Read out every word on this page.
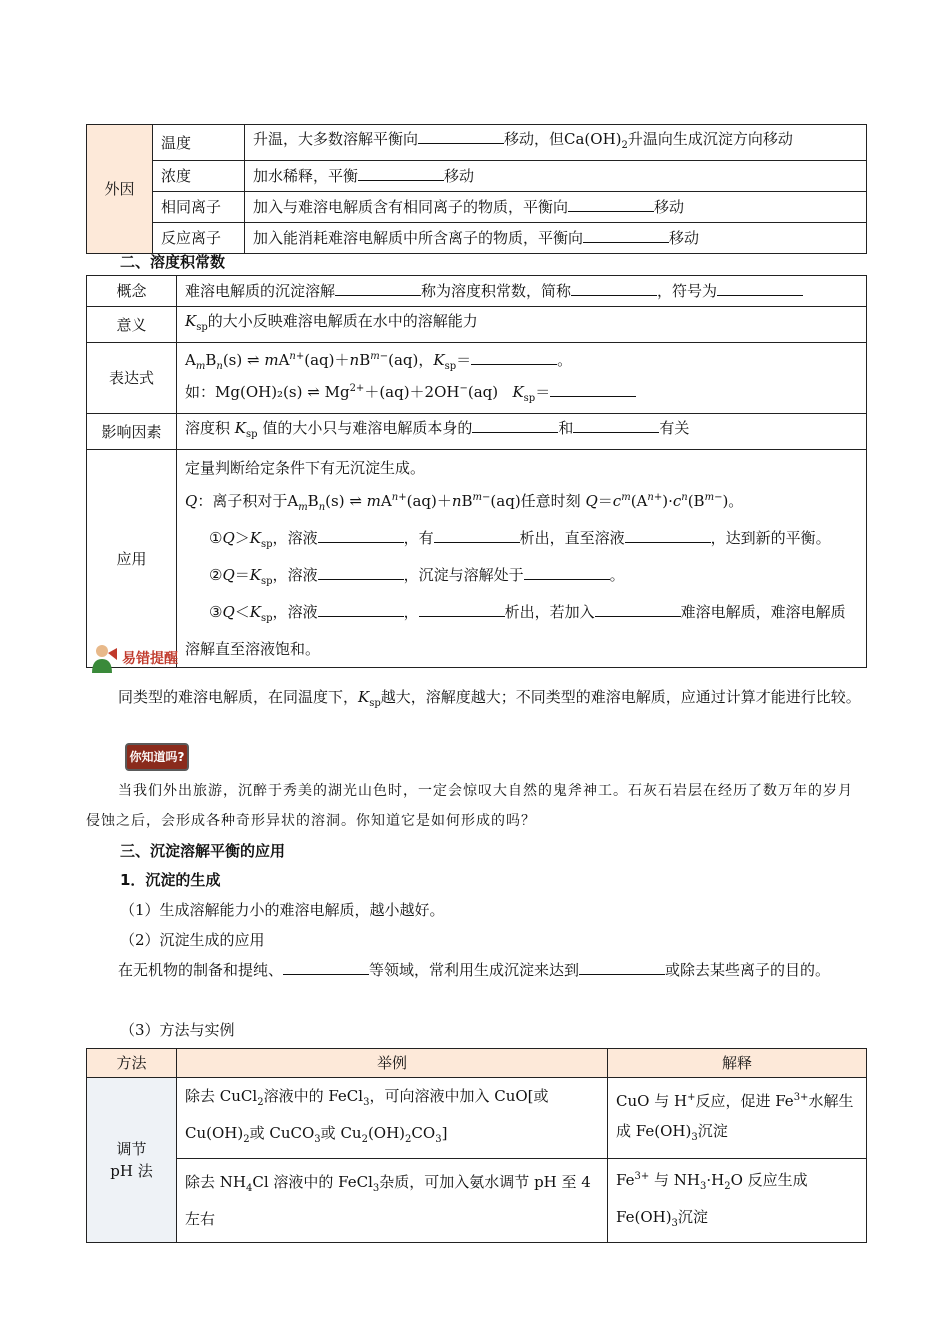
外因	温度	升温，大多数溶解平衡向 移动，但$Ca(OH)_2$升温向生成沉淀方向移动
	浓度	加水稀释，平衡 移动
	相同离子	加入与难溶电解质含有相同离子的物质，平衡向 移动
	反应离子	加入能消耗难溶电解质中所含离子的物质，平衡向 移动
二、溶度积常数
概念	难溶电解质的沉淀溶解 称为溶度积常数，简称 ，符号为
意义	$K_{sp}$的大小反映难溶电解质在水中的溶解能力
表达式	$A_mB_n(s)$ ⇌ $mA^{n+}(aq)+nB^{m-}(aq)$，$K_{sp}=$ 。
如：Mg(OH)₂(s) ⇌ $Mg^{2+}+(aq)+2OH^-(aq)$   $K_{sp}=$

影响因素	溶度积 $K_{sp}$ 值的大小只与难溶电解质本身的 和 有关
应用	定量判断给定条件下有无沉淀生成。

Q：离子积对于$A_mB_n(s)$ ⇌ $mA^{n+}(aq)+nB^{m-}(aq)$任意时刻 $Q=c^m(A^{n+})\cdot c^n(B^{m-})$。

$①Q>K_{sp}$，溶液 ，有 析出，直至溶液 ，达到新的平衡。

$②Q=K_{sp}$，溶液 ，沉淀与溶解处于 。

$③Q<K_{sp}$，溶液 ， 析出，若加入 难溶电解质，难溶电解质溶解直至溶液饱和。

易错提醒
同类型的难溶电解质，在同温度下，$K_{sp}$越大，溶解度越大；不同类型的难溶电解质，应通过计算才能进行比较。
你知道吗?
当我们外出旅游，沉醉于秀美的湖光山色时，一定会惊叹大自然的鬼斧神工。石灰石岩层在经历了数万年的岁月侵蚀之后，会形成各种奇形异状的溶洞。你知道它是如何形成的吗？
三、沉淀溶解平衡的应用
1．沉淀的生成
（1）生成溶解能力小的难溶电解质，越小越好。
（2）沉淀生成的应用
在无机物的制备和提纯、	等领域，常利用生成沉淀来达到	或除去某些离子的目的。
（3）方法与实例
方法	举例	解释

调节
pH 法	除去 CuCl$_2$溶液中的 FeCl$_3$，可向溶液中加入 CuO[或 $Cu(OH)_2$或 CuCO$_3$或 $Cu_2(OH)_2CO_3$]	CuO 与 H+反应，促进 $Fe^{3+}$水解生成 $Fe(OH)_3$沉淀
	除去 $NH_4Cl$ 溶液中的 FeCl$_3$杂质，可加入氨水调节 pH 至 4 左右	$Fe^{3+}$ 与 $NH_3\cdot H_2O$ 反应生成 $Fe(OH)_3$沉淀
